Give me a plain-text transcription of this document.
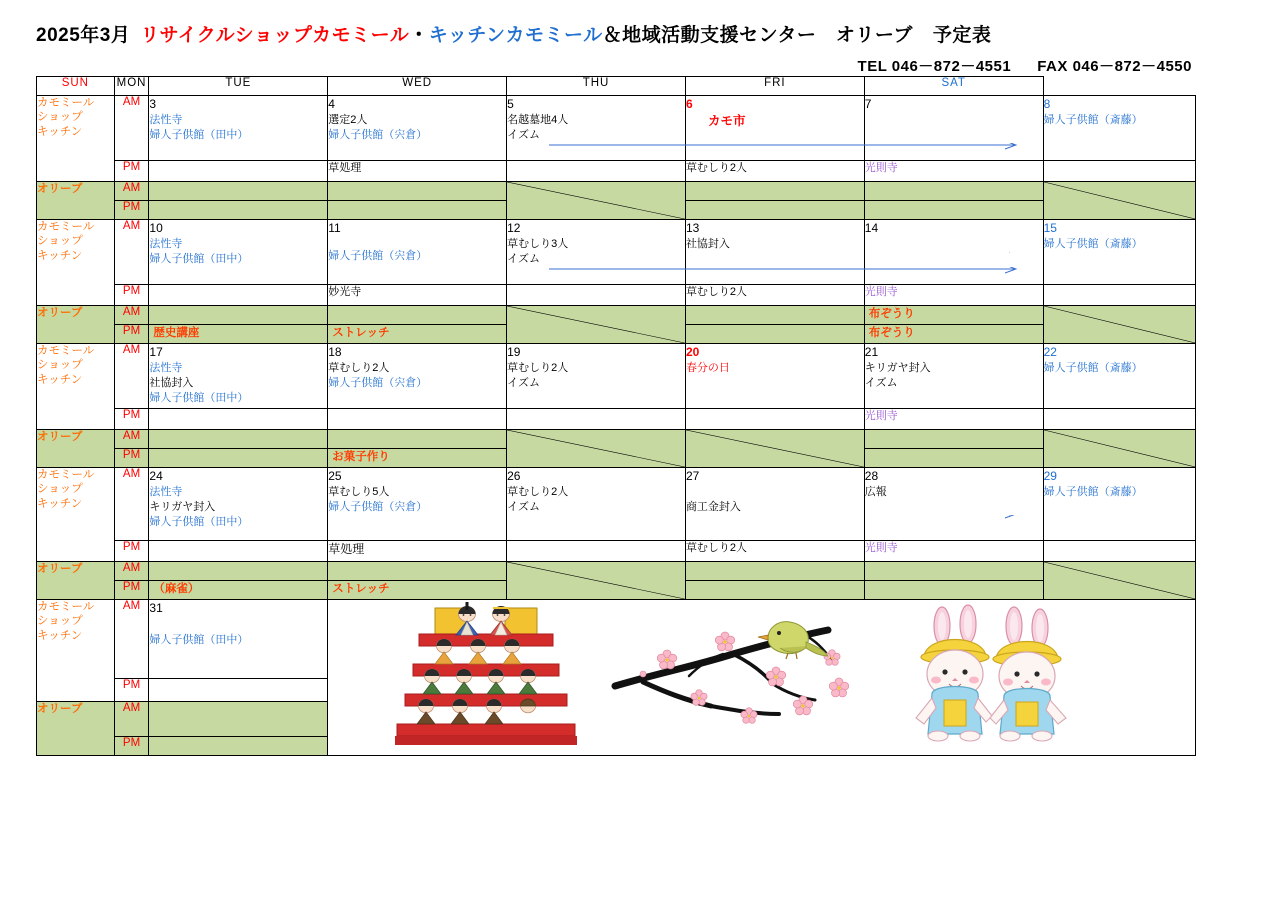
2025年3月 リサイクルショップカモミール・キッチンカモミール＆地域活動支援センター　オリーブ 予定表
TEL 046－872－4551 FAX 046－872－4550
SUN	MON	TUE	WED	THU	FRI	SAT	
カモミール
ショップ
キッチン	AM	3
法性寺
婦人子供館（田中）	4
選定2人
婦人子供館（宍倉）	5
名越墓地4人
イズム	6
カモ市	7	8
婦人子供館（斎藤）

	PM		草処理		草むしり2人	光則寺	

オリーブ	AM	

	PM			

カモミール
ショップ
キッチン	AM	10
法性寺
婦人子供館（田中）	11
婦人子供館（宍倉）	12
草むしり3人
イズム	13
社協封入	14	15
婦人子供館（斎藤）

	PM		妙光寺		草むしり2人	光則寺	

オリーブ	AM					布ぞうり

	PM	歴史講座	ストレッチ			布ぞうり	

カモミール
ショップ
キッチン	AM	17
法性寺
社協封入
婦人子供館（田中）	18
草むしり2人
婦人子供館（宍倉）	19
草むしり2人
イズム	20
春分の日	21
キリガヤ封入
イズム	22
婦人子供館（斎藤）

	PM					光則寺	

オリーブ	AM	

	PM		お菓子作り				

カモミール
ショップ
キッチン	AM	24
法性寺
キリガヤ封入
婦人子供館（田中）	25
草むしり5人
婦人子供館（宍倉）	26
草むしり2人
イズム	27
商工金封入	28
広報	29
婦人子供館（斎藤）

	PM		草処理		草むしり2人	光則寺	

オリーブ	AM	

	PM	（麻雀）	ストレッチ				

カモミール
ショップ
キッチン	AM	31
婦人子供館（田中）

	PM						
オリーブ	AM						

	PM						
